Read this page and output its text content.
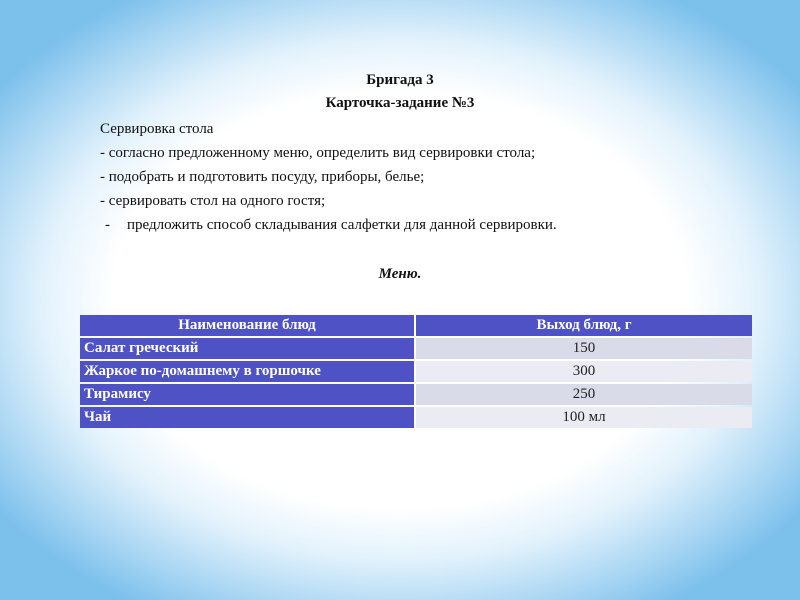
Бригада 3
Карточка-задание №3
Сервировка стола
- согласно предложенному меню, определить вид сервировки стола;
- подобрать и подготовить посуду, приборы, белье;
- сервировать стол на одного гостя;
- предложить способ складывания салфетки для данной сервировки.
Меню.
Наименование блюд	Выход блюд, г
Салат греческий	150
Жаркое по-домашнему в горшочке	300
Тирамису	250
Чай	100 мл
